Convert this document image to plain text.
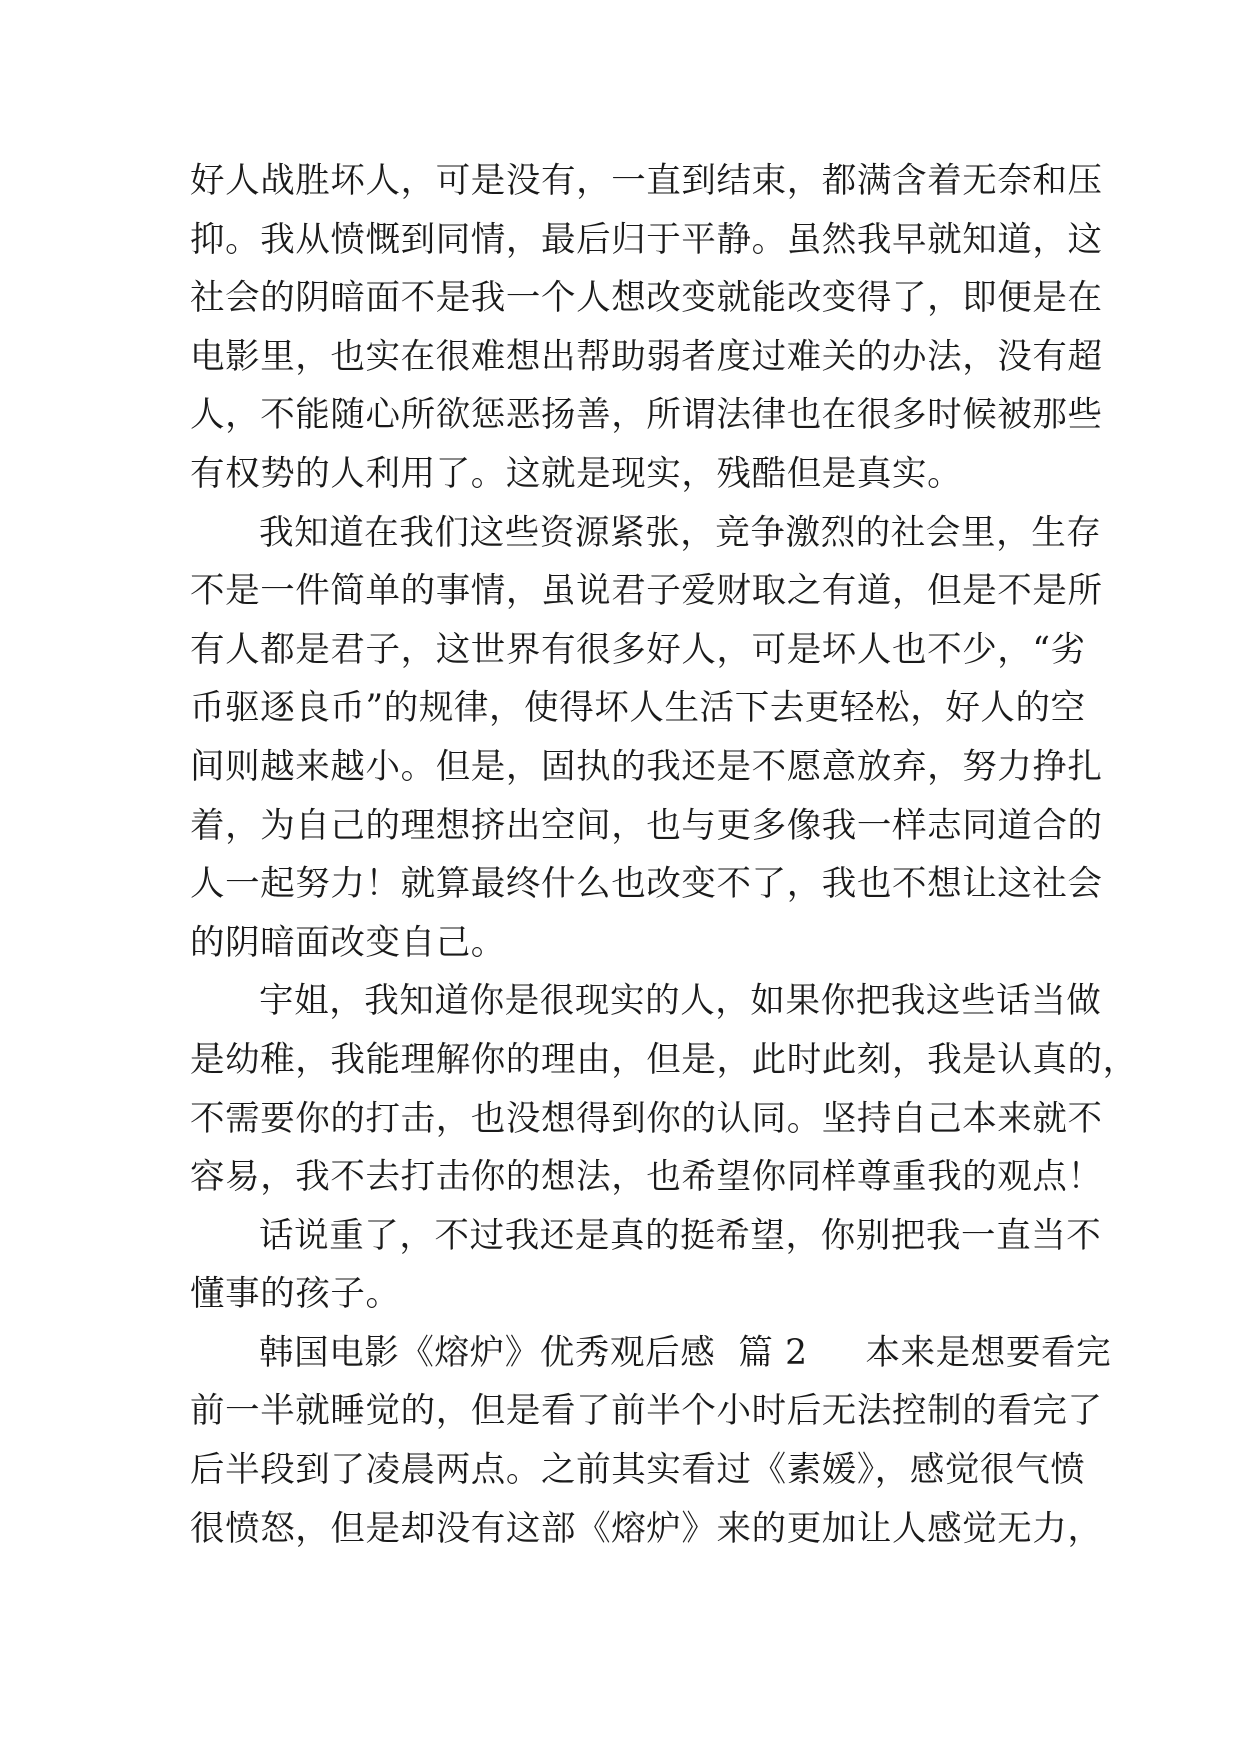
好人战胜坏人，可是没有，一直到结束，都满含着无奈和压
抑。我从愤慨到同情，最后归于平静。虽然我早就知道，这
社会的阴暗面不是我一个人想改变就能改变得了，即便是在
电影里，也实在很难想出帮助弱者度过难关的办法，没有超
人，不能随心所欲惩恶扬善，所谓法律也在很多时候被那些
有权势的人利用了。这就是现实，残酷但是真实。
我知道在我们这些资源紧张，竞争激烈的社会里，生存
不是一件简单的事情，虽说君子爱财取之有道，但是不是所
有人都是君子，这世界有很多好人，可是坏人也不少，“劣
币驱逐良币”的规律，使得坏人生活下去更轻松，好人的空
间则越来越小。但是，固执的我还是不愿意放弃，努力挣扎
着，为自己的理想挤出空间，也与更多像我一样志同道合的
人一起努力！就算最终什么也改变不了，我也不想让这社会
的阴暗面改变自己。
宇姐，我知道你是很现实的人，如果你把我这些话当做
是幼稚，我能理解你的理由，但是，此时此刻，我是认真的，
不需要你的打击，也没想得到你的认同。坚持自己本来就不
容易，我不去打击你的想法，也希望你同样尊重我的观点！
话说重了，不过我还是真的挺希望，你别把我一直当不
懂事的孩子。
韩国电影《熔炉》优秀观后感  篇 2     本来是想要看完
前一半就睡觉的，但是看了前半个小时后无法控制的看完了
后半段到了凌晨两点。之前其实看过《素媛》，感觉很气愤
很愤怒，但是却没有这部《熔炉》来的更加让人感觉无力，
